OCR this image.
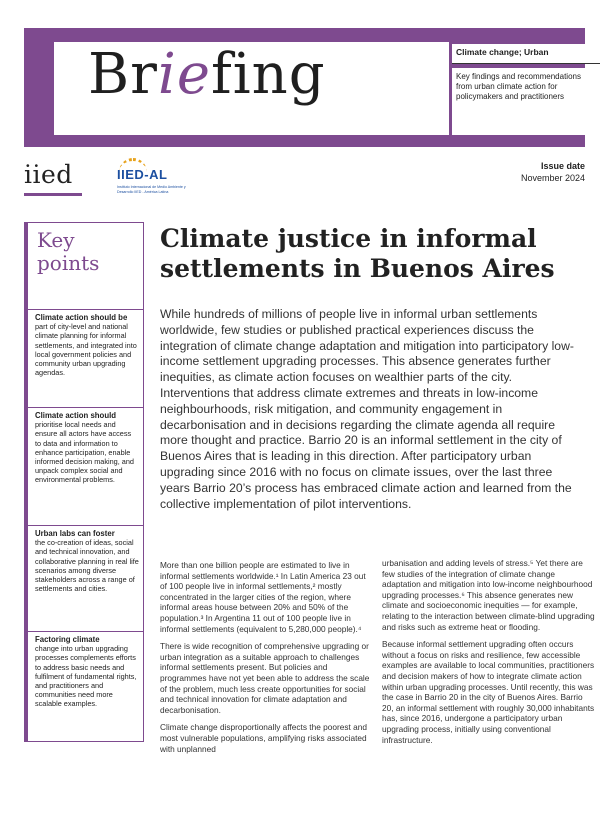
Briefing	Climate change; Urban
Key findings and recommendations from urban climate action for policymakers and practitioners
iied	IIED-AL
Instituto Internacional de Medio Ambiente y Desarrollo IIED - América Latina
Issue date
November 2024
Key
points
Climate action should be
part of city-level and national climate planning for informal settlements, and integrated into local government policies and community urban upgrading agendas.
Climate action should
prioritise local needs and ensure all actors have access to data and information to enhance participation, enable informed decision making, and unpack complex social and environmental problems.
Urban labs can foster
the co-creation of ideas, social and technical innovation, and collaborative planning in real life scenarios among diverse stakeholders across a range of settlements and cities.
Factoring climate
change into urban upgrading processes complements efforts to address basic needs and fulfilment of fundamental rights, and practitioners and communities need more scalable examples.
Climate justice in informal settlements in Buenos Aires

While hundreds of millions of people live in informal urban settlements worldwide, few studies or published practical experiences discuss the integration of climate change adaptation and mitigation into participatory low-income settlement upgrading processes. This absence generates further inequities, as climate action focuses on wealthier parts of the city. Interventions that address climate extremes and threats in low-income neighbourhoods, risk mitigation, and community engagement in decarbonisation and in decisions regarding the climate agenda all require more thought and practice. Barrio 20 is an informal settlement in the city of Buenos Aires that is leading in this direction. After participatory urban upgrading since 2016 with no focus on climate issues, over the last three years Barrio 20’s process has embraced climate action and learned from the collective implementation of pilot interventions.

More than one billion people are estimated to live in informal settlements worldwide.¹ In Latin America 23 out of 100 people live in informal settlements,² mostly concentrated in the larger cities of the region, where informal areas house between 20% and 50% of the population.³ In Argentina 11 out of 100 people live in informal settlements (equivalent to 5,280,000 people).⁴

There is wide recognition of comprehensive upgrading or urban integration as a suitable approach to challenges informal settlements present. But policies and programmes have not yet been able to address the scale of the problem, much less create opportunities for social and technical innovation for climate adaptation and decarbonisation.

Climate change disproportionally affects the poorest and most vulnerable populations, amplifying risks associated with unplanned

urbanisation and adding levels of stress.⁵ Yet there are few studies of the integration of climate change adaptation and mitigation into low-income neighbourhood upgrading processes.⁶ This absence generates new climate and socioeconomic inequities — for example, relating to the interaction between climate-blind upgrading and risks such as extreme heat or flooding.

Because informal settlement upgrading often occurs without a focus on risks and resilience, few accessible examples are available to local communities, practitioners and decision makers of how to integrate climate action within urban upgrading processes. Until recently, this was the case in Barrio 20 in the city of Buenos Aires. Barrio 20, an informal settlement with roughly 30,000 inhabitants has, since 2016, undergone a participatory urban upgrading process, initially using conventional infrastructure.
